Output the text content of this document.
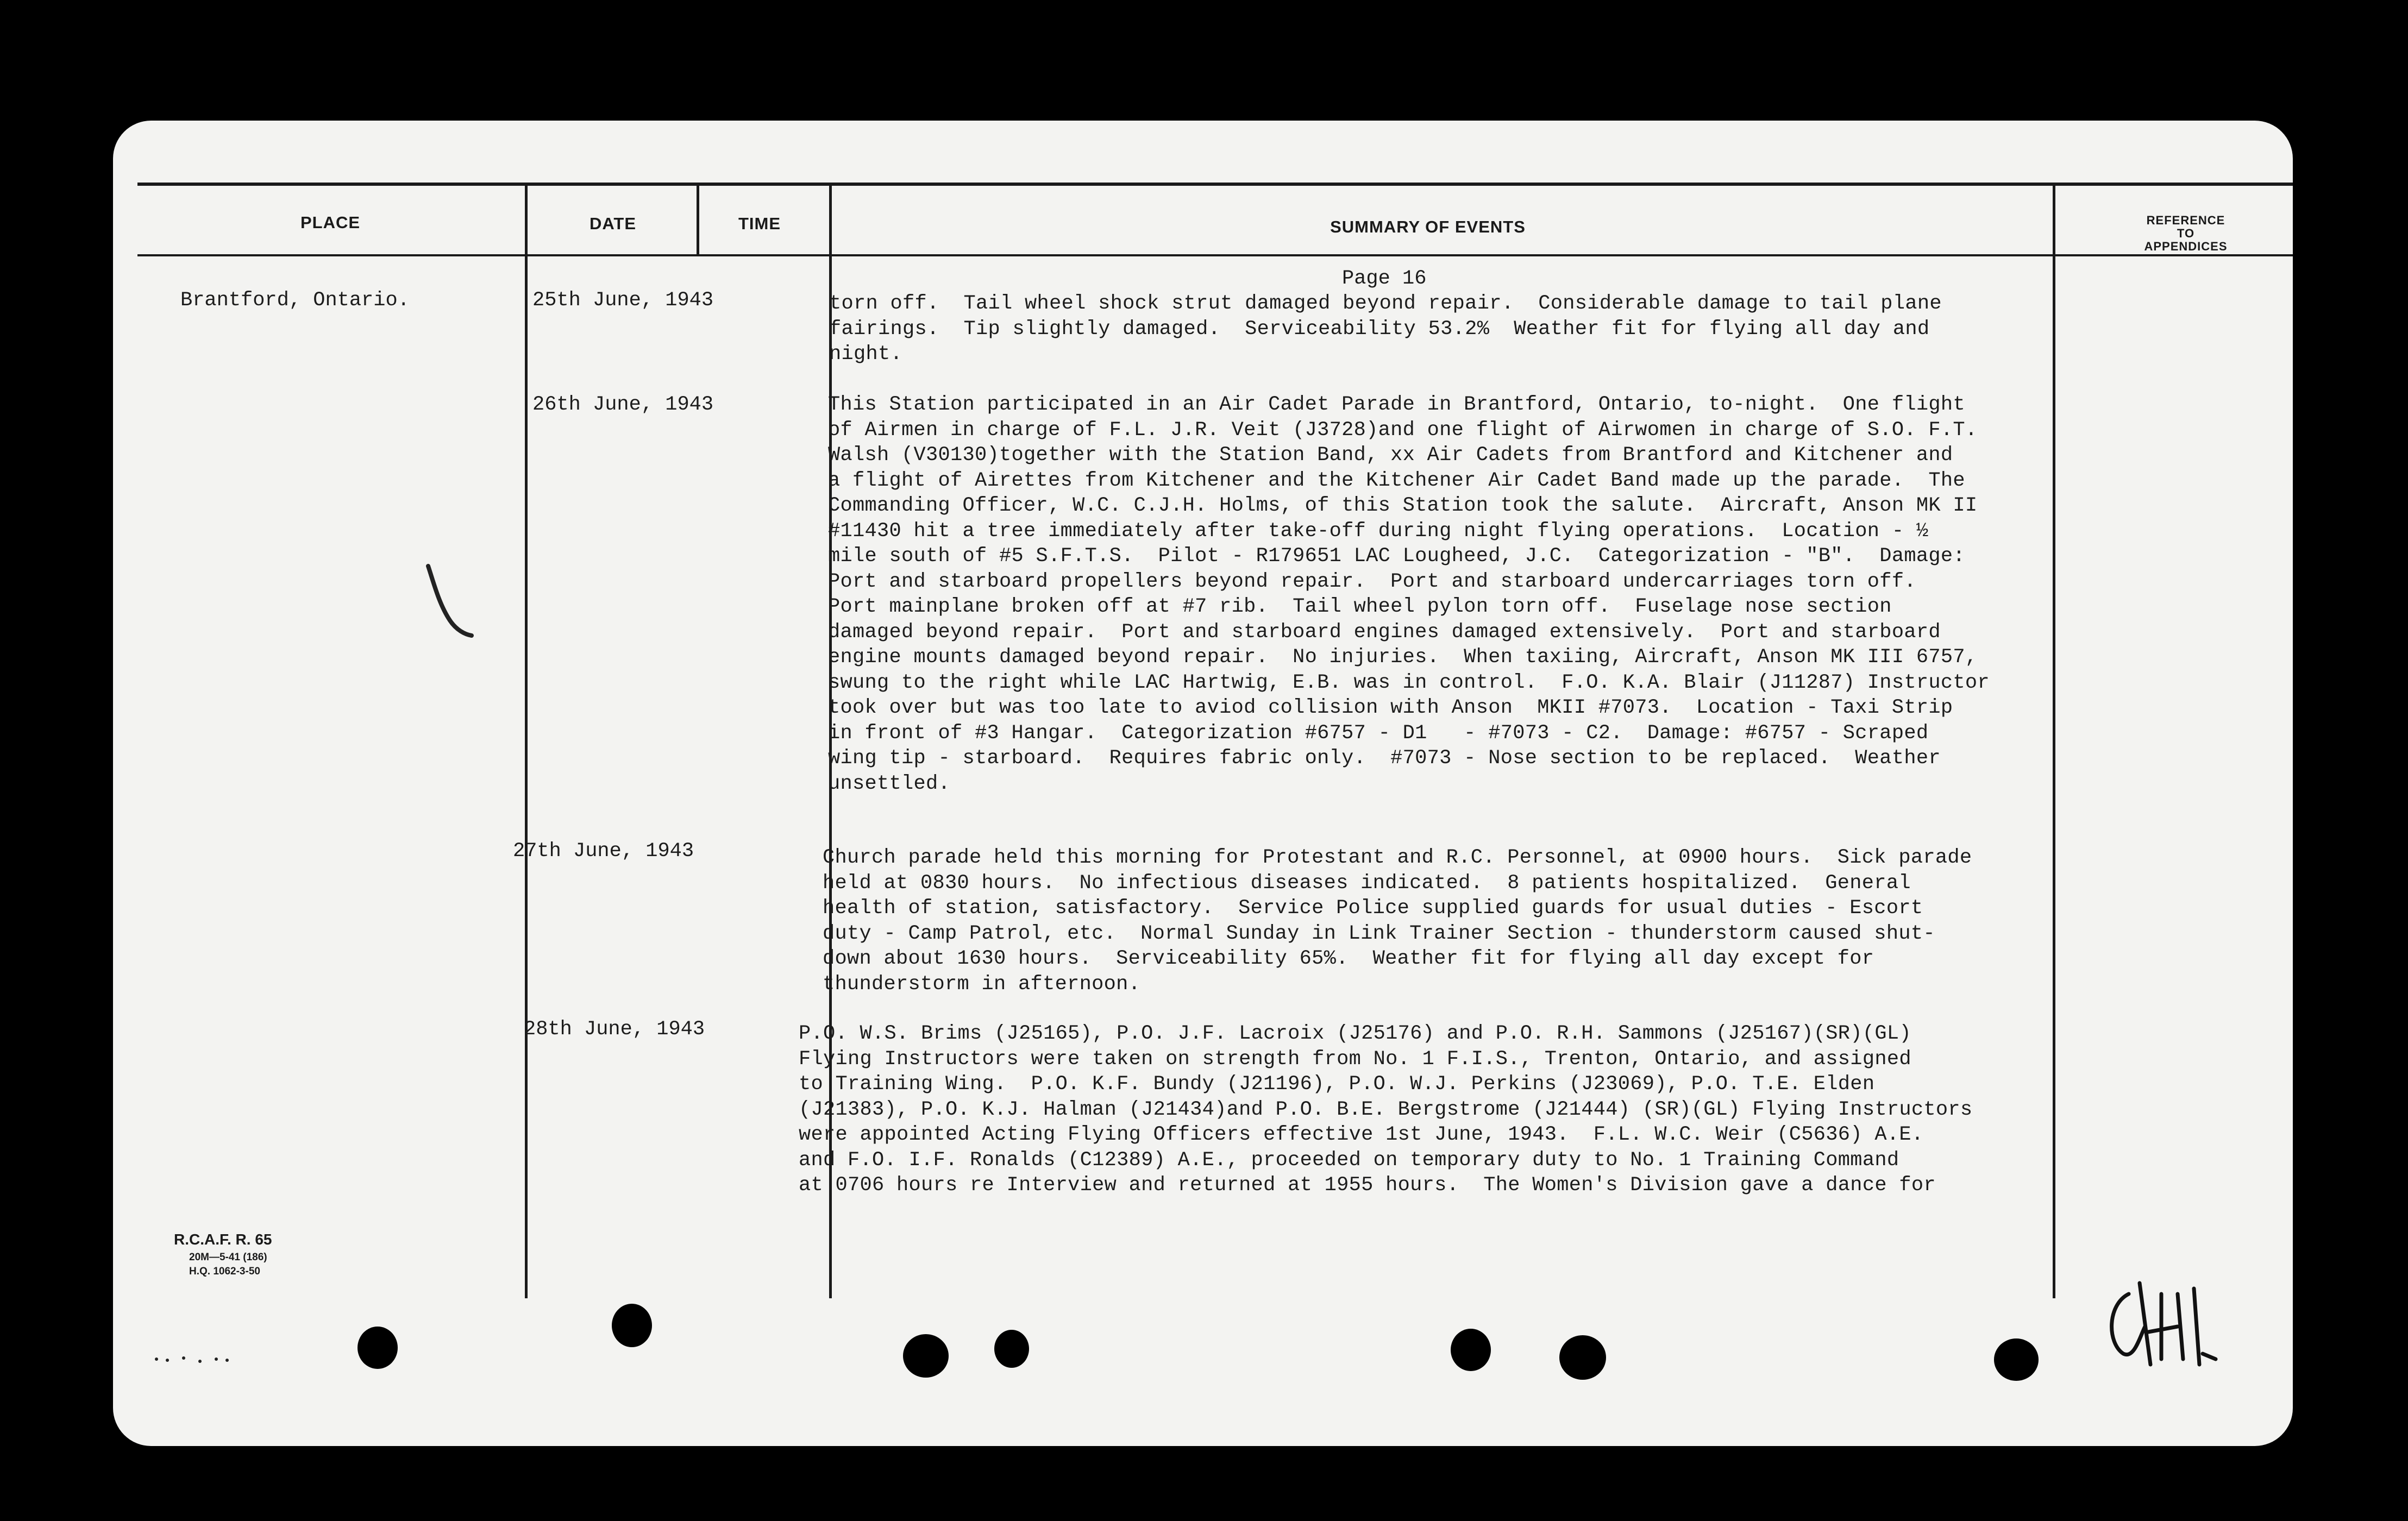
PLACE	DATE	TIME	SUMMARY OF EVENTS	REFERENCE
TO
APPENDICES
Brantford, Ontario.
Page 16
25th June, 1943	torn off.  Tail wheel shock strut damaged beyond repair.  Considerable damage to tail plane
fairings.  Tip slightly damaged.  Serviceability 53.2%  Weather fit for flying all day and
night.
26th June, 1943	This Station participated in an Air Cadet Parade in Brantford, Ontario, to-night.  One flight
of Airmen in charge of F.L. J.R. Veit (J3728)and one flight of Airwomen in charge of S.O. F.T.
Walsh (V30130)together with the Station Band, xx Air Cadets from Brantford and Kitchener and
a flight of Airettes from Kitchener and the Kitchener Air Cadet Band made up the parade.  The
Commanding Officer, W.C. C.J.H. Holms, of this Station took the salute.  Aircraft, Anson MK II
#11430 hit a tree immediately after take-off during night flying operations.  Location - ½
mile south of #5 S.F.T.S.  Pilot - R179651 LAC Lougheed, J.C.  Categorization - "B".  Damage:
Port and starboard propellers beyond repair.  Port and starboard undercarriages torn off.
Port mainplane broken off at #7 rib.  Tail wheel pylon torn off.  Fuselage nose section
damaged beyond repair.  Port and starboard engines damaged extensively.  Port and starboard
engine mounts damaged beyond repair.  No injuries.  When taxiing, Aircraft, Anson MK III 6757,
swung to the right while LAC Hartwig, E.B. was in control.  F.O. K.A. Blair (J11287) Instructor
took over but was too late to aviod collision with Anson  MKII #7073.  Location - Taxi Strip
in front of #3 Hangar.  Categorization #6757 - D1   - #7073 - C2.  Damage: #6757 - Scraped
wing tip - starboard.  Requires fabric only.  #7073 - Nose section to be replaced.  Weather
unsettled.
27th June, 1943	Church parade held this morning for Protestant and R.C. Personnel, at 0900 hours.  Sick parade
held at 0830 hours.  No infectious diseases indicated.  8 patients hospitalized.  General
health of station, satisfactory.  Service Police supplied guards for usual duties - Escort
duty - Camp Patrol, etc.  Normal Sunday in Link Trainer Section - thunderstorm caused shut-
down about 1630 hours.  Serviceability 65%.  Weather fit for flying all day except for
thunderstorm in afternoon.
28th June, 1943	P.O. W.S. Brims (J25165), P.O. J.F. Lacroix (J25176) and P.O. R.H. Sammons (J25167)(SR)(GL)
Flying Instructors were taken on strength from No. 1 F.I.S., Trenton, Ontario, and assigned
to Training Wing.  P.O. K.F. Bundy (J21196), P.O. W.J. Perkins (J23069), P.O. T.E. Elden
(J21383), P.O. K.J. Halman (J21434)and P.O. B.E. Bergstrome (J21444) (SR)(GL) Flying Instructors
were appointed Acting Flying Officers effective 1st June, 1943.  F.L. W.C. Weir (C5636) A.E.
and F.O. I.F. Ronalds (C12389) A.E., proceeded on temporary duty to No. 1 Training Command
at 0706 hours re Interview and returned at 1955 hours.  The Women's Division gave a dance for
R.C.A.F. R. 65
20M—5-41 (186)
H.Q. 1062-3-50
